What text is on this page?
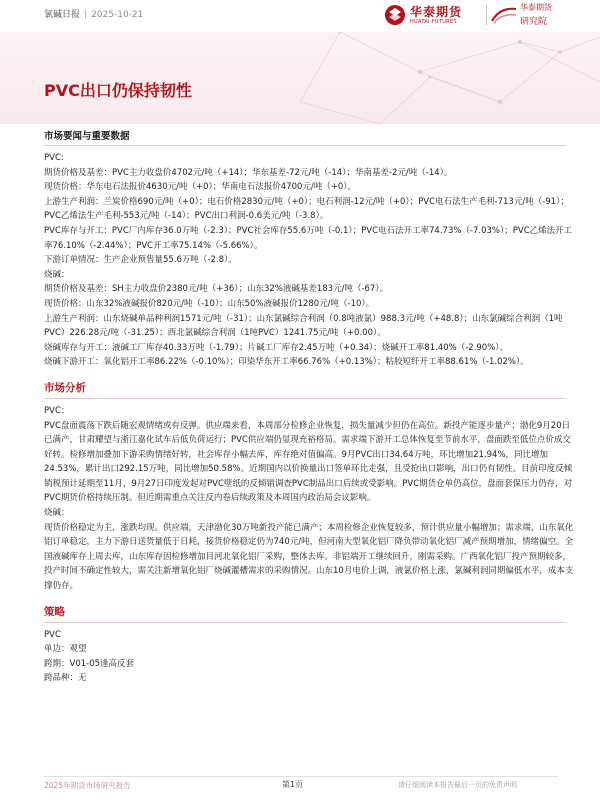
氯碱日报 | 2025-10-21	华泰期货
HUATAI FUTURES
华泰期货
研究院
PVC出口仍保持韧性
市场要闻与重要数据

PVC:

期货价格及基差：PVC主力收盘价4702元/吨（+14）；华东基差-72元/吨（-14）；华南基差-2元/吨（-14）。

现货价格：华东电石法报价4630元/吨（+0）；华南电石法报价4700元/吨（+0）。

上游生产利润：兰炭价格690元/吨（+0）；电石价格2830元/吨（+0）；电石利润-12元/吨（+0）；PVC电石法生产毛利-713元/吨（-91）；PVC乙烯法生产毛利-553元/吨（-14）；PVC出口利润-0.6美元/吨（-3.8）。

PVC库存与开工：PVC厂内库存36.0万吨（-2.3）；PVC社会库存55.6万吨（-0.1）；PVC电石法开工率74.73%（-7.03%）；PVC乙烯法开工率76.10%（-2.44%）；PVC开工率75.14%（-5.66%）。

下游订单情况：生产企业预售量55.6万吨（-2.8）。

烧碱：

期货价格及基差：SH主力收盘价2380元/吨（+36）；山东32%液碱基差183元/吨（-67）。

现货价格：山东32%液碱报价820元/吨（-10）；山东50%液碱报价1280元/吨（-10）。

上游生产利润：山东烧碱单品种利润1571元/吨（-31）；山东氯碱综合利润（0.8吨液氯）988.3元/吨（+48.8）；山东氯碱综合利润（1吨PVC）226.28元/吨（-31.25）；西北氯碱综合利润（1吨PVC）1241.75元/吨（+0.00）。

烧碱库存与开工：液碱工厂库存40.33万吨（-1.79）；片碱工厂库存2.45万吨（+0.34）；烧碱开工率81.40%（-2.90%）。

烧碱下游开工：氧化铝开工率86.22%（-0.10%）；印染华东开工率66.76%（+0.13%）；粘胶短纤开工率88.61%（-1.02%）。

市场分析

PVC：

PVC盘面震荡下跌后随宏观情绪或有反弹。供应端来看，本周部分检修企业恢复，损失量减少但仍在高位。新投产能逐步量产；渤化9月20日已满产，甘肃耀望与浙江嘉化试车后低负荷运行；PVC供应端仍显现充裕格局。需求端下游开工总体恢复至节前水平，盘面跌至低位点价成交好转。检修增加叠加下游采购情绪好转，社会库存小幅去库，库存绝对值偏高。9月PVC出口34.64万吨，环比增加21.94%，同比增加24.53%，累计出口292.15万吨，同比增加50.58%。近期国内以价换量出口签单环比走强，且受抢出口影响，出口仍有韧性。目前印度反倾销税预计延期至11月，9月27日印度发起对PVC壁纸的反倾销调查PVC制品出口后续或受影响。PVC期货仓单仍高位，盘面套保压力仍存，对PVC期货价格持续压制。但近期需重点关注反内卷后续政策及本周国内政治局会议影响。

烧碱：

现货价格稳定为主，涨跌均现。供应端，天津渤化30万吨新投产能已满产；本周检修企业恢复较多，预计供应量小幅增加；需求端，山东氧化铝订单稳定，主力下游日送货量低于日耗，接货价格稳定仍为740元/吨，但河南大型氧化铝厂降负带动氧化铝厂减产预期增加，情绪偏空。全国液碱库存上周去库，山东库存因检修增加目河北氧化铝厂采购，整体去库。非铝端开工继续回升，刚需采购。广西氧化铝厂投产预期较多，投产时间不确定性较大，需关注新增氧化铝厂烧碱灌槽需求的采购情况。山东10月电价上调，液氯价格上涨，氯碱利润同期偏低水平，成本支撑仍存。

策略

PVC

单边：观望

跨期：V01-05逢高反套

跨品种：无

2025年期货市场研究报告	第1页	请仔细阅读本报告最后一页的免责声明
